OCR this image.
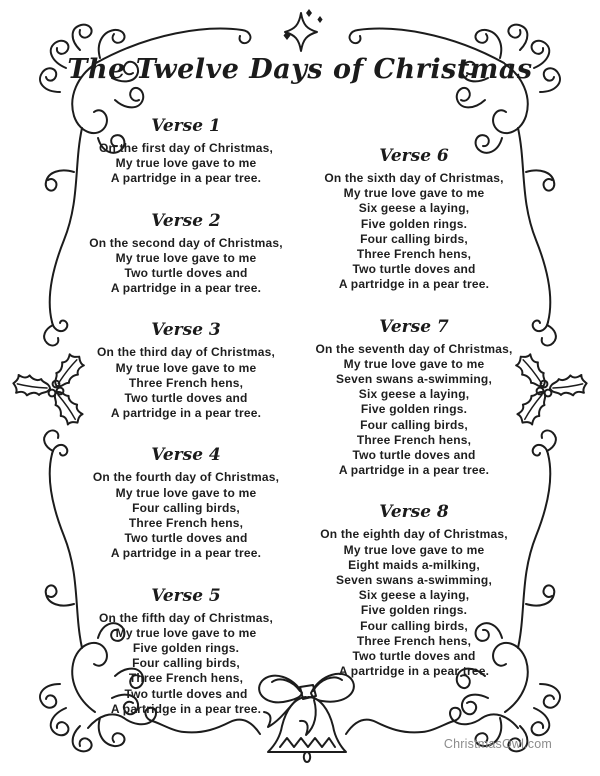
The Twelve Days of Christmas
Verse 1
On the first day of Christmas,
My true love gave to me
A partridge in a pear tree.
Verse 2
On the second day of Christmas,
My true love gave to me
Two turtle doves and
A partridge in a pear tree.
Verse 3
On the third day of Christmas,
My true love gave to me
Three French hens,
Two turtle doves and
A partridge in a pear tree.
Verse 4
On the fourth day of Christmas,
My true love gave to me
Four calling birds,
Three French hens,
Two turtle doves and
A partridge in a pear tree.
Verse 5
On the fifth day of Christmas,
My true love gave to me
Five golden rings.
Four calling birds,
Three French hens,
Two turtle doves and
A partridge in a pear tree.
Verse 6
On the sixth day of Christmas,
My true love gave to me
Six geese a laying,
Five golden rings.
Four calling birds,
Three French hens,
Two turtle doves and
A partridge in a pear tree.
Verse 7
On the seventh day of Christmas,
My true love gave to me
Seven swans a-swimming,
Six geese a laying,
Five golden rings.
Four calling birds,
Three French hens,
Two turtle doves and
A partridge in a pear tree.
Verse 8
On the eighth day of Christmas,
My true love gave to me
Eight maids a-milking,
Seven swans a-swimming,
Six geese a laying,
Five golden rings.
Four calling birds,
Three French hens,
Two turtle doves and
A partridge in a pear tree.
ChristmasOwl.com
